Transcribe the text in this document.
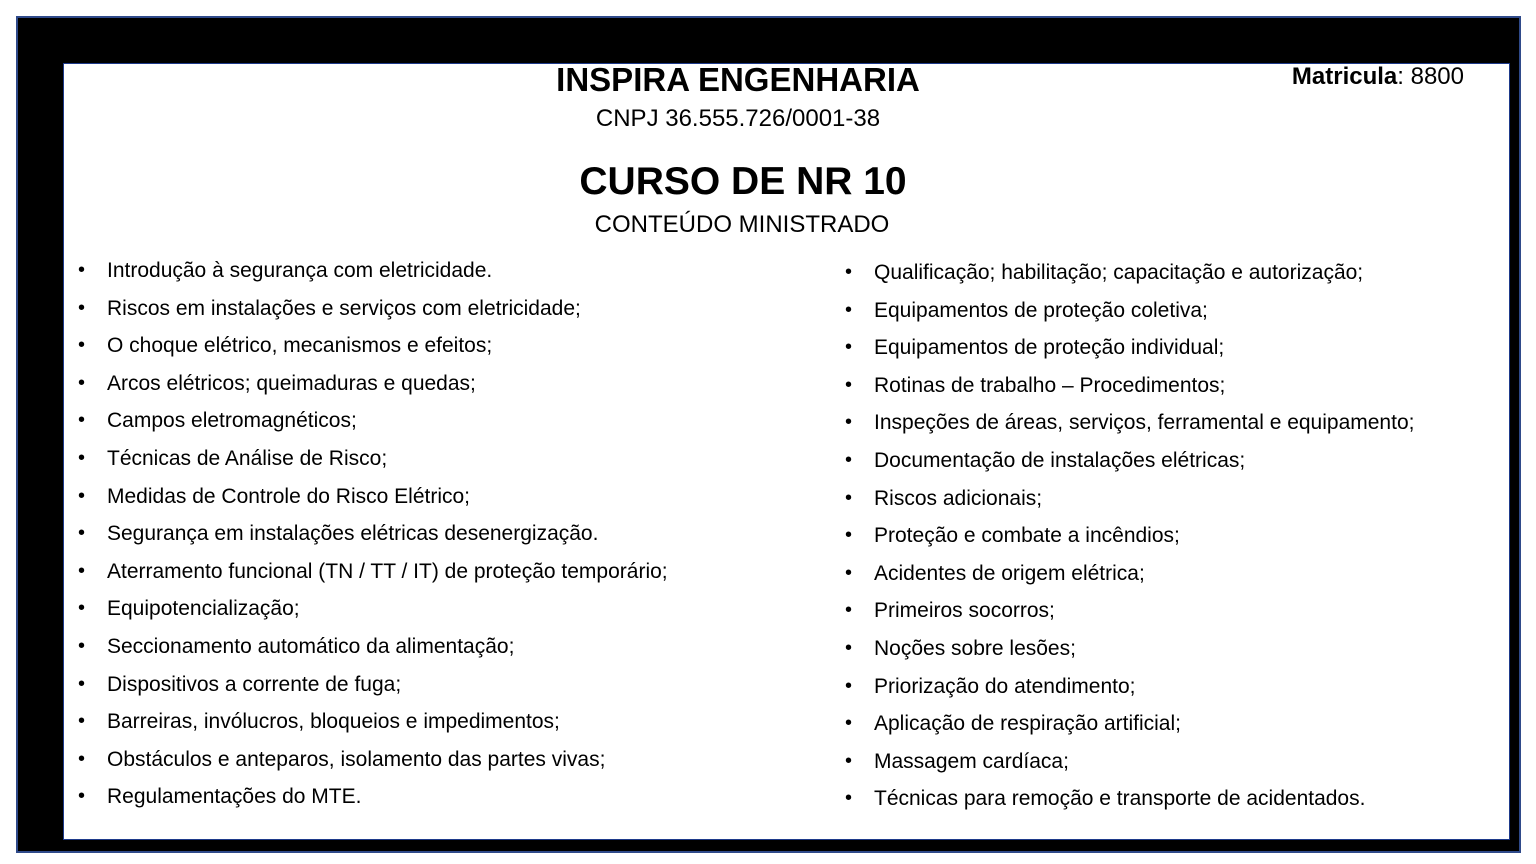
INSPIRA ENGENHARIA

CNPJ 36.555.726/0001-38

CURSO DE NR 10

CONTEÚDO MINISTRADO

Matricula: 8800
• Introdução à segurança com eletricidade.
• Riscos em instalações e serviços com eletricidade;
• O choque elétrico, mecanismos e efeitos;
• Arcos elétricos; queimaduras e quedas;
• Campos eletromagnéticos;
• Técnicas de Análise de Risco;
• Medidas de Controle do Risco Elétrico;
• Segurança em instalações elétricas desenergização.
• Aterramento funcional (TN / TT / IT) de proteção temporário;
• Equipotencialização;
• Seccionamento automático da alimentação;
• Dispositivos a corrente de fuga;
• Barreiras, invólucros, bloqueios e impedimentos;
• Obstáculos e anteparos, isolamento das partes vivas;
• Regulamentações do MTE.
• Qualificação; habilitação; capacitação e autorização;
• Equipamentos de proteção coletiva;
• Equipamentos de proteção individual;
• Rotinas de trabalho – Procedimentos;
• Inspeções de áreas, serviços, ferramental e equipamento;
• Documentação de instalações elétricas;
• Riscos adicionais;
• Proteção e combate a incêndios;
• Acidentes de origem elétrica;
• Primeiros socorros;
• Noções sobre lesões;
• Priorização do atendimento;
• Aplicação de respiração artificial;
• Massagem cardíaca;
• Técnicas para remoção e transporte de acidentados.
